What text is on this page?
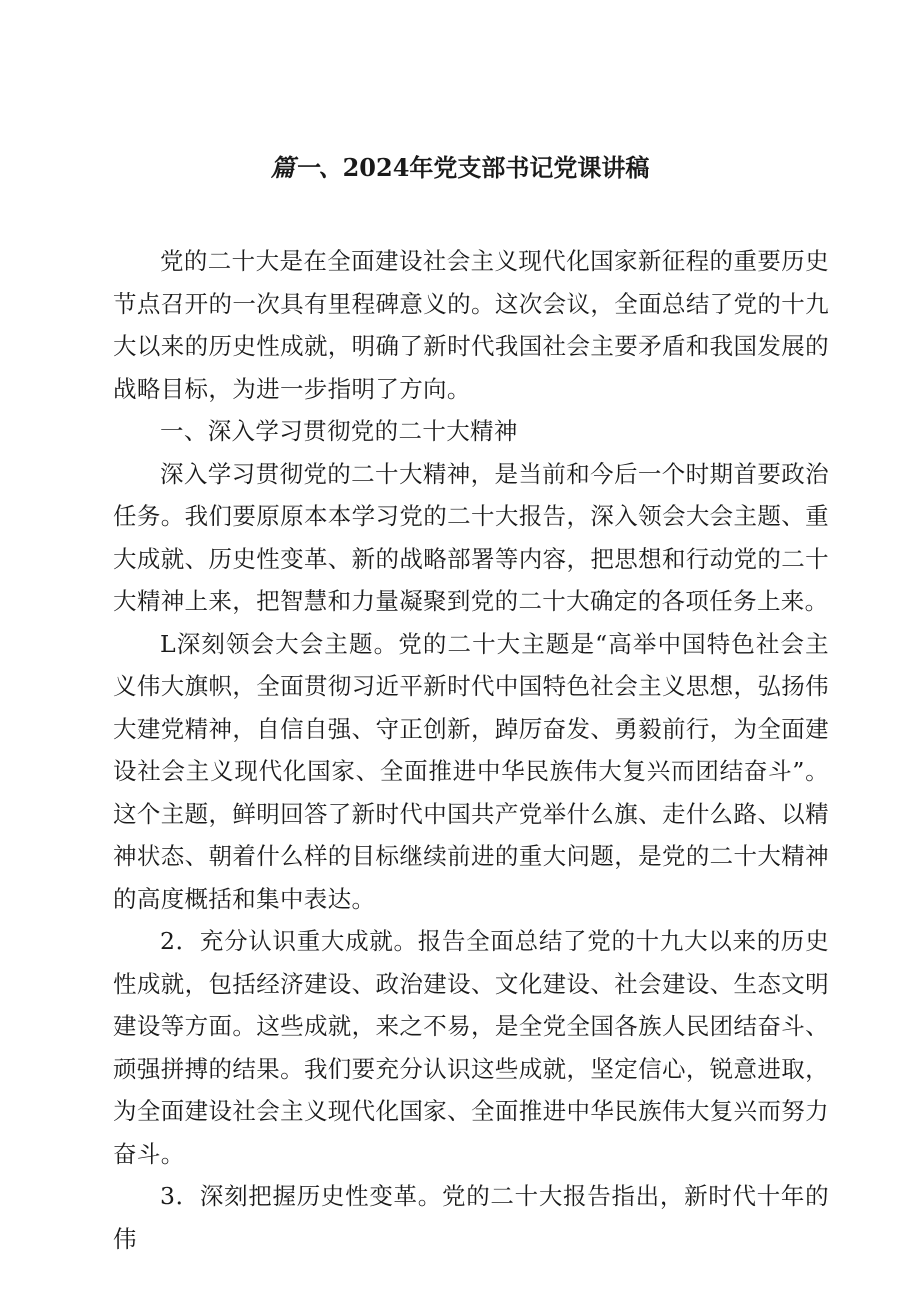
篇一、2024年党支部书记党课讲稿

党的二十大是在全面建设社会主义现代化国家新征程的重要历史节点召开的一次具有里程碑意义的。这次会议，全面总结了党的十九大以来的历史性成就，明确了新时代我国社会主要矛盾和我国发展的战略目标，为进一步指明了方向。

一、深入学习贯彻党的二十大精神

深入学习贯彻党的二十大精神，是当前和今后一个时期首要政治任务。我们要原原本本学习党的二十大报告，深入领会大会主题、重大成就、历史性变革、新的战略部署等内容，把思想和行动党的二十大精神上来，把智慧和力量凝聚到党的二十大确定的各项任务上来。

L深刻领会大会主题。党的二十大主题是“高举中国特色社会主义伟大旗帜，全面贯彻习近平新时代中国特色社会主义思想，弘扬伟大建党精神，自信自强、守正创新，踔厉奋发、勇毅前行，为全面建设社会主义现代化国家、全面推进中华民族伟大复兴而团结奋斗”。这个主题，鲜明回答了新时代中国共产党举什么旗、走什么路、以精神状态、朝着什么样的目标继续前进的重大问题，是党的二十大精神的高度概括和集中表达。

2．充分认识重大成就。报告全面总结了党的十九大以来的历史性成就，包括经济建设、政治建设、文化建设、社会建设、生态文明建设等方面。这些成就，来之不易，是全党全国各族人民团结奋斗、顽强拼搏的结果。我们要充分认识这些成就，坚定信心，锐意进取，为全面建设社会主义现代化国家、全面推进中华民族伟大复兴而努力奋斗。

3．深刻把握历史性变革。党的二十大报告指出，新时代十年的伟
